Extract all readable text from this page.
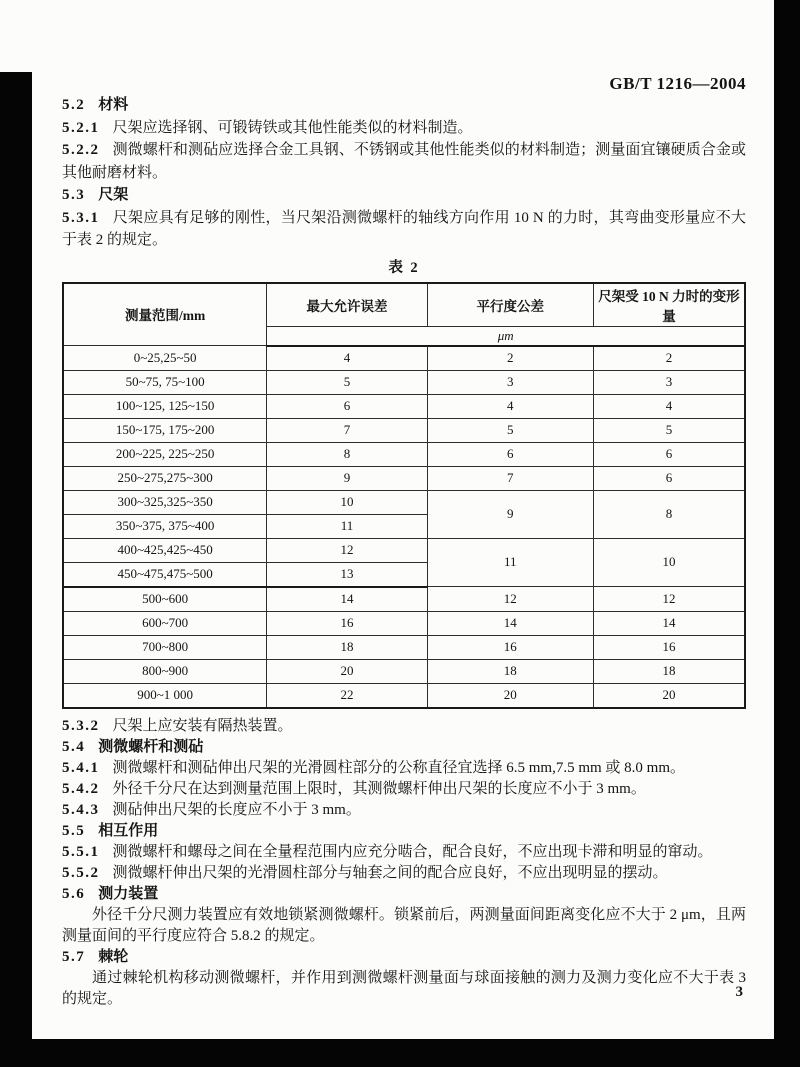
GB/T 1216—2004

5.2 材料

5.2.1 尺架应选择钢、可锻铸铁或其他性能类似的材料制造。

5.2.2 测微螺杆和测砧应选择合金工具钢、不锈钢或其他性能类似的材料制造；测量面宜镶硬质合金或其他耐磨材料。

5.3 尺架

5.3.1 尺架应具有足够的刚性，当尺架沿测微螺杆的轴线方向作用 10 N 的力时，其弯曲变形量应不大于表 2 的规定。

表 2
测量范围/mm	最大允许误差	平行度公差	尺架受 10 N 力时的变形量
	μm		
0~25,25~50	4	2	2
50~75, 75~100	5	3	3
100~125, 125~150	6	4	4
150~175, 175~200	7	5	5
200~225, 225~250	8	6	6
250~275,275~300	9	7	6
300~325,325~350	10	9	8
350~375, 375~400	11		
400~425,425~450	12	11	10
450~475,475~500	13		
500~600	14	12	12
600~700	16	14	14
700~800	18	16	16
800~900	20	18	18
900~1 000	22	20	20

5.3.2 尺架上应安装有隔热装置。

5.4 测微螺杆和测砧

5.4.1 测微螺杆和测砧伸出尺架的光滑圆柱部分的公称直径宜选择 6.5 mm,7.5 mm 或 8.0 mm。

5.4.2 外径千分尺在达到测量范围上限时，其测微螺杆伸出尺架的长度应不小于 3 mm。

5.4.3 测砧伸出尺架的长度应不小于 3 mm。

5.5 相互作用

5.5.1 测微螺杆和螺母之间在全量程范围内应充分啮合，配合良好，不应出现卡滞和明显的窜动。

5.5.2 测微螺杆伸出尺架的光滑圆柱部分与轴套之间的配合应良好，不应出现明显的摆动。

5.6 测力装置

外径千分尺测力装置应有效地锁紧测微螺杆。锁紧前后，两测量面间距离变化应不大于 2 μm，且两测量面间的平行度应符合 5.8.2 的规定。

5.7 棘轮

通过棘轮机构移动测微螺杆，并作用到测微螺杆测量面与球面接触的测力及测力变化应不大于表 3 的规定。	3
